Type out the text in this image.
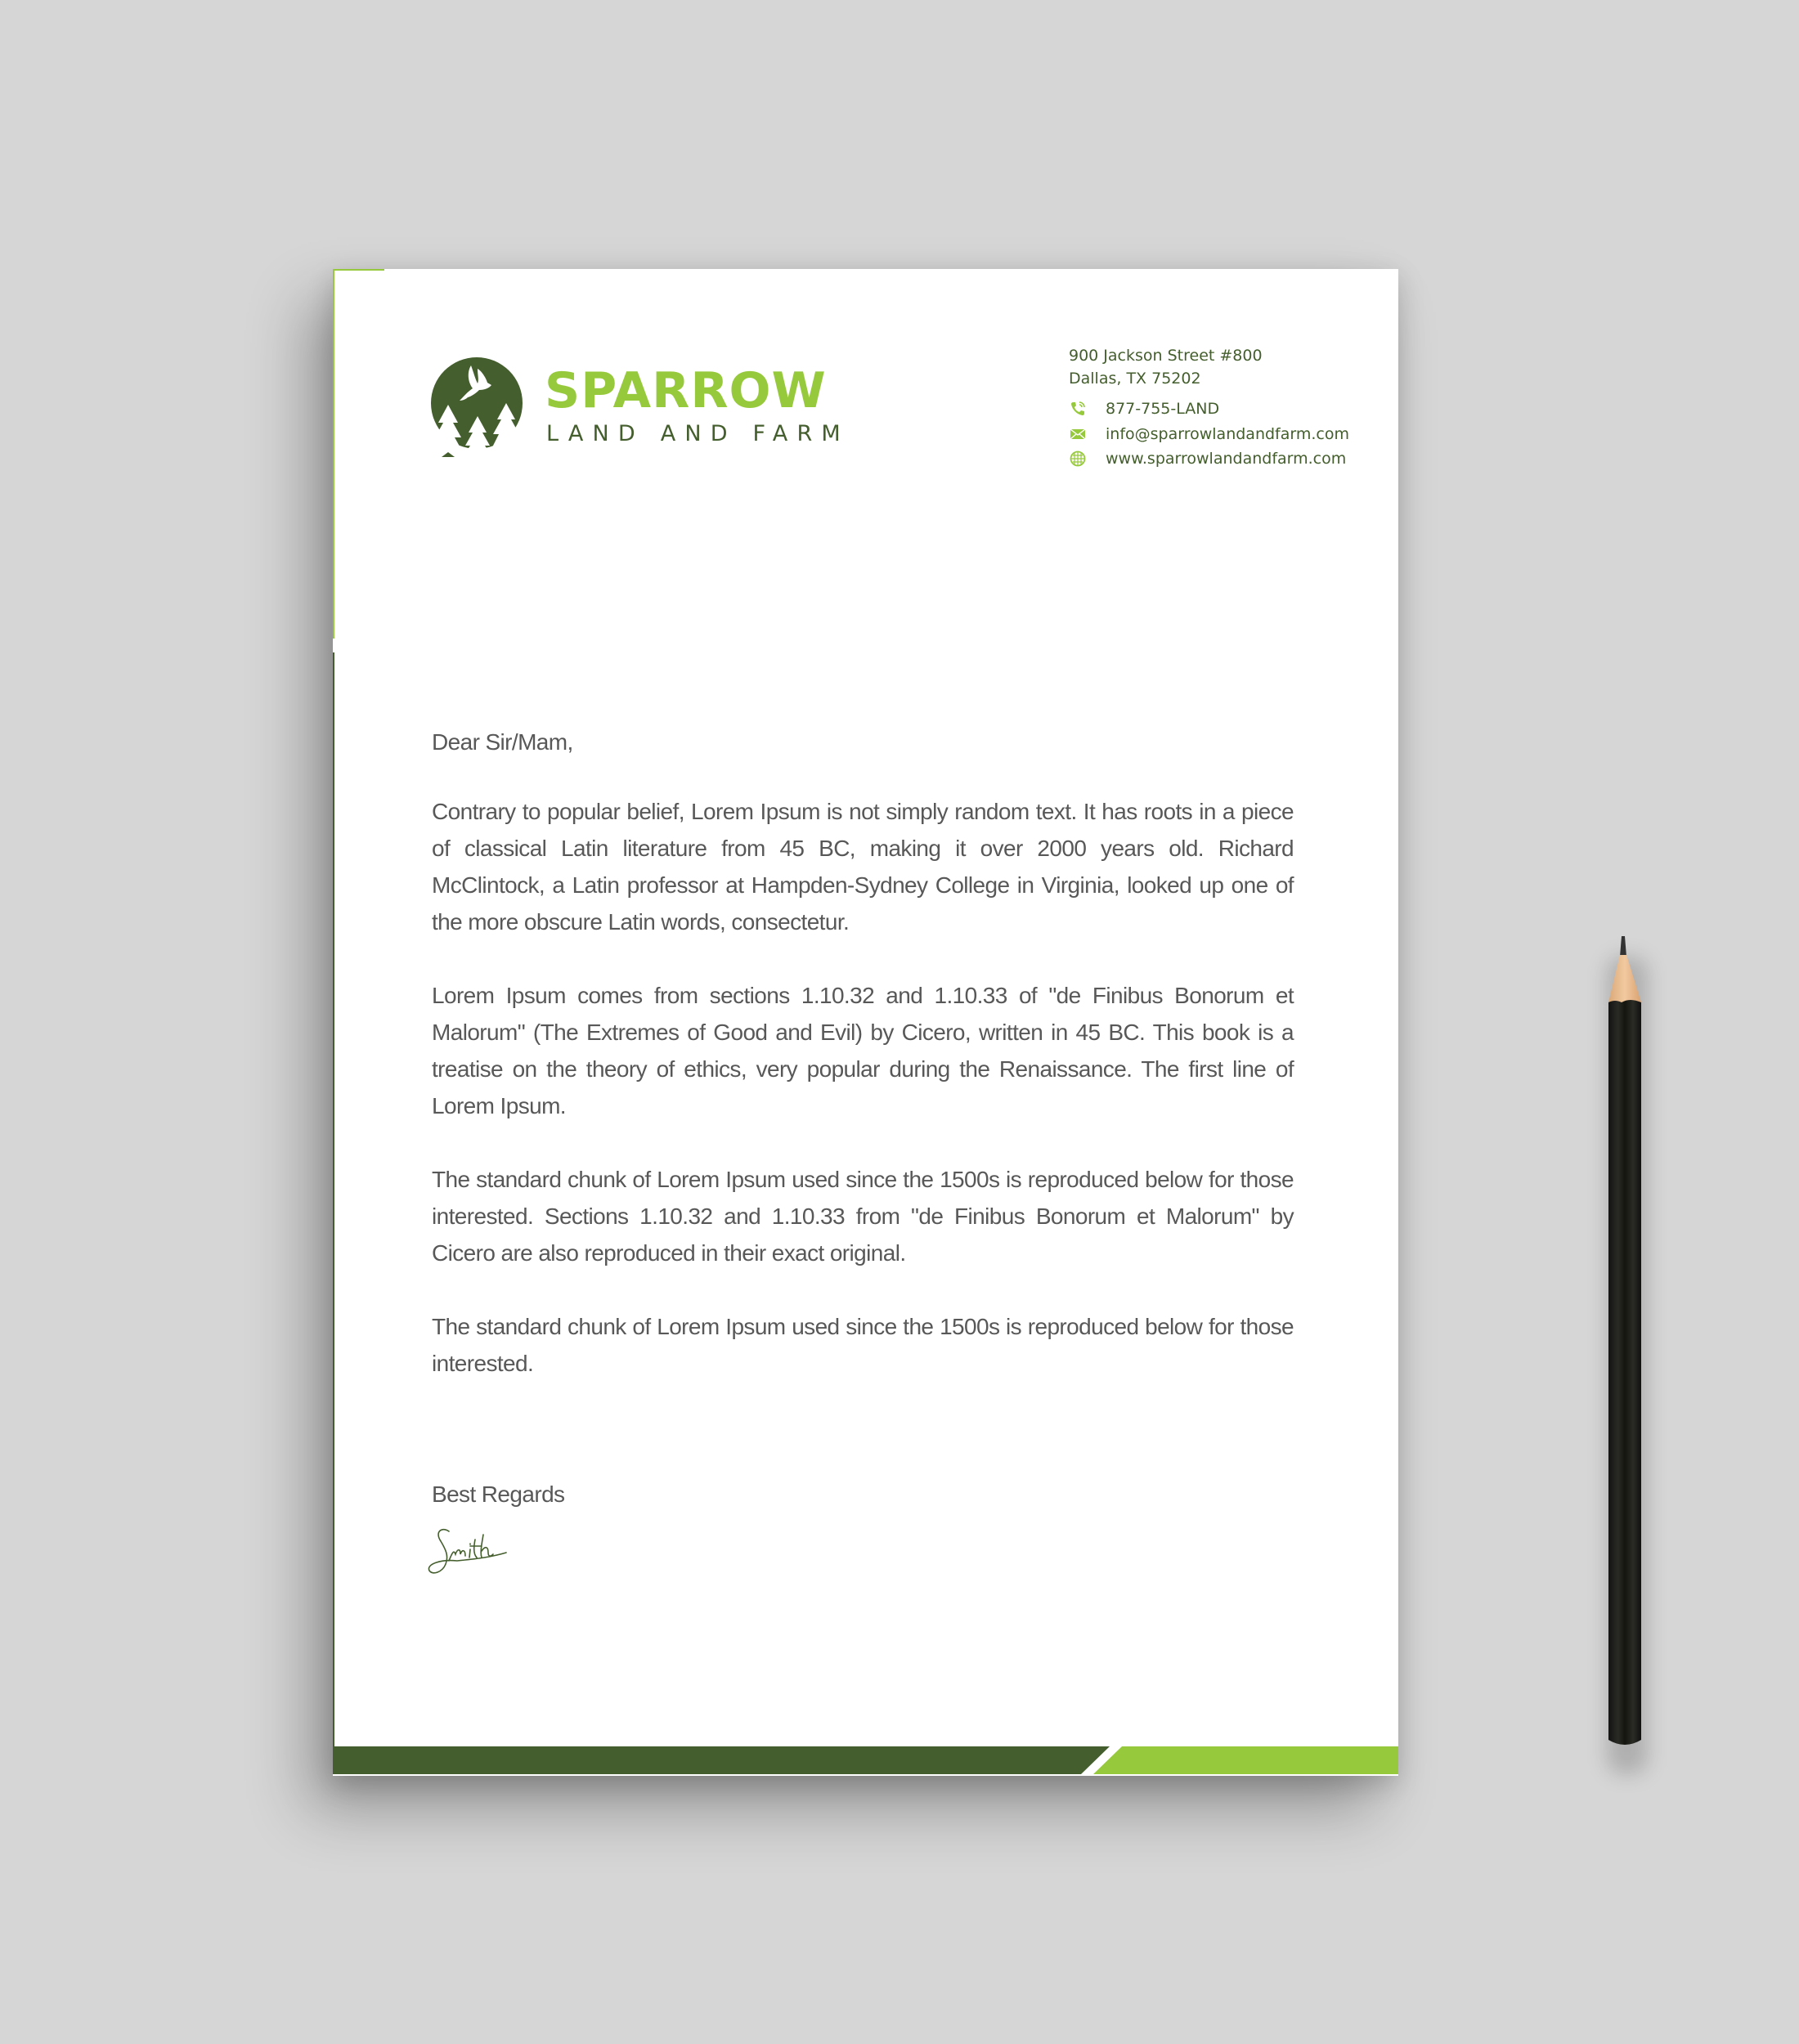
SPARROW

LAND AND FARM

900 Jackson Street #800
Dallas, TX 75202
877-755-LAND
info@sparrowlandandfarm.com
www.sparrowlandandfarm.com

Dear Sir/Mam,

Contrary to popular belief, Lorem Ipsum is not simply random text. It has roots in a piece of classical Latin literature from 45 BC, making it over 2000 years old. Richard McClintock, a Latin professor at Hampden-Sydney College in Virginia, looked up one of the more obscure Latin words, consectetur.

Lorem Ipsum comes from sections 1.10.32 and 1.10.33 of "de Finibus Bonorum et Malorum" (The Extremes of Good and Evil) by Cicero, written in 45 BC. This book is a treatise on the theory of ethics, very popular during the Renaissance. The first line of Lorem Ipsum.

The standard chunk of Lorem Ipsum used since the 1500s is reproduced below for those interested. Sections 1.10.32 and 1.10.33 from "de Finibus Bonorum et Malorum" by Cicero are also reproduced in their exact original.

The standard chunk of Lorem Ipsum used since the 1500s is reproduced below for those interested.

Best Regards
